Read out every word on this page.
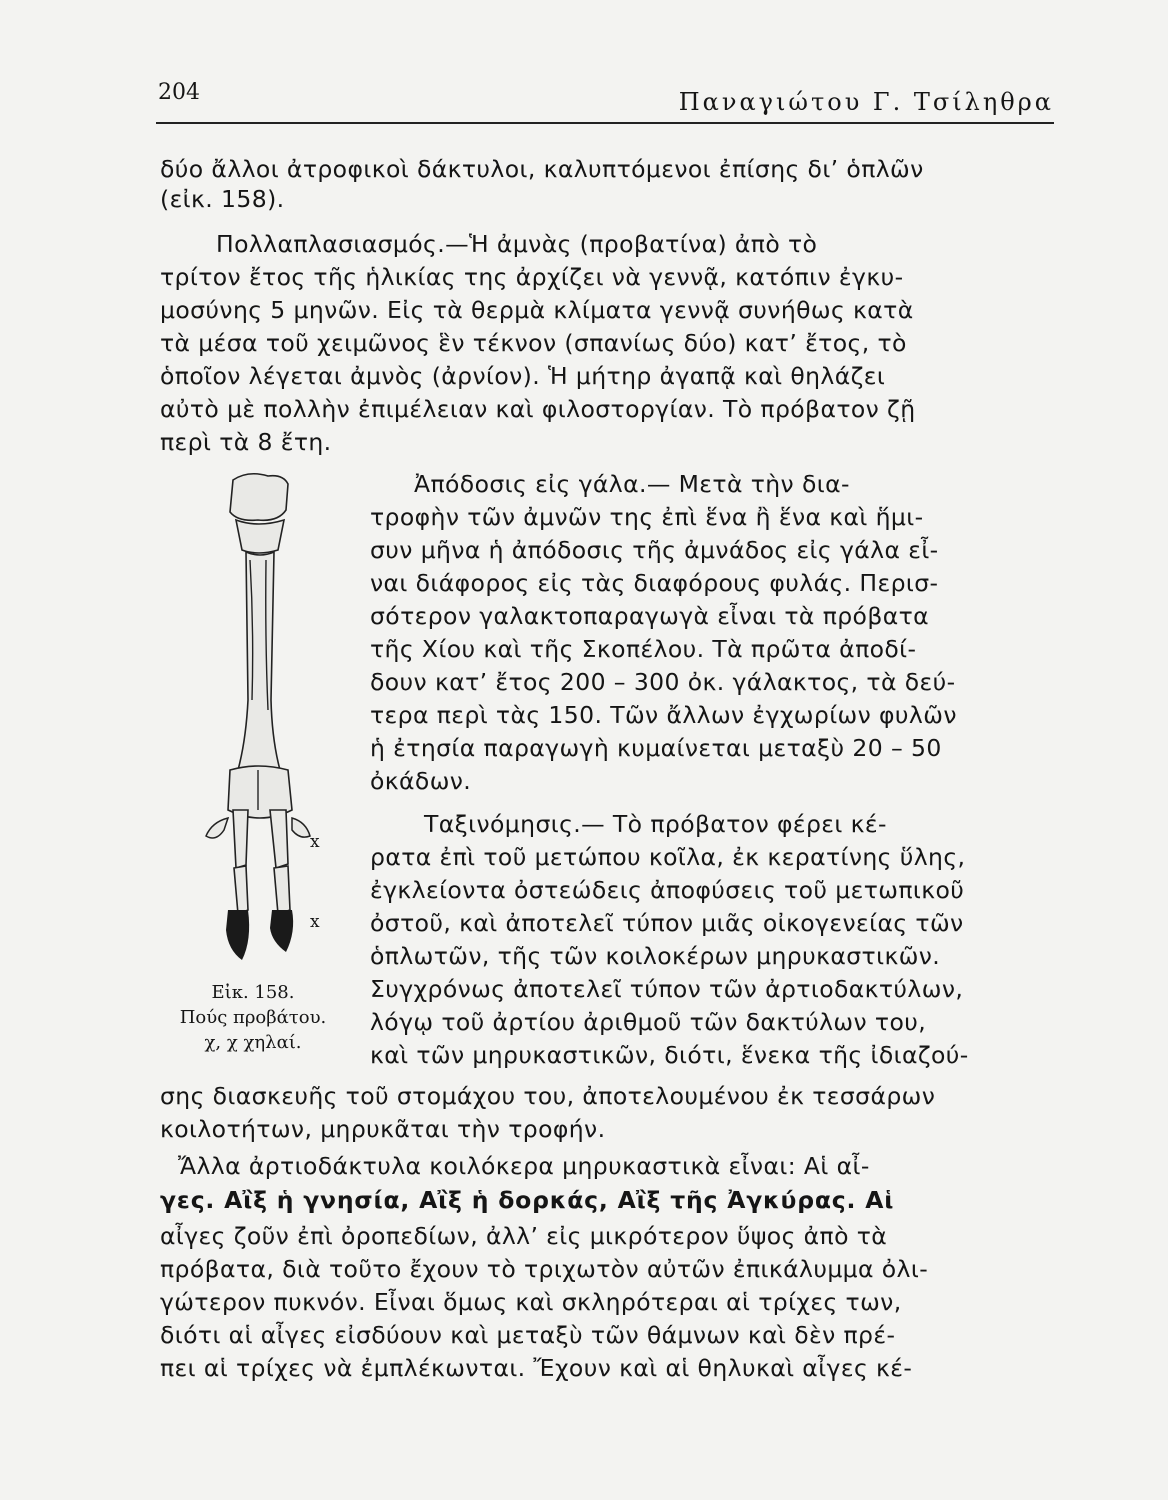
204	Παναγιώτου Γ. Τσίληθρα
x
x
Εἰκ. 158.
Πούς προβάτου.
χ, χ χηλαί.
δύο ἄλλοι ἀτροφικοὶ δάκτυλοι, καλυπτόμενοι ἐπίσης δι’ ὁπλῶν
(εἰκ. 158).
Πολλαπλασιασμός.—Ἡ ἀμνὰς (προβατίνα) ἀπὸ τὸ
τρίτον ἔτος τῆς ἡλικίας της ἀρχίζει νὰ γεννᾷ, κατόπιν ἐγκυ-
μοσύνης 5 μηνῶν. Εἰς τὰ θερμὰ κλίματα γεννᾷ συνήθως κατὰ
τὰ μέσα τοῦ χειμῶνος ἓν τέκνον (σπανίως δύο) κατ’ ἔτος, τὸ
ὁποῖον λέγεται ἀμνὸς (ἀρνίον). Ἡ μήτηρ ἀγαπᾷ καὶ θηλάζει
αὐτὸ μὲ πολλὴν ἐπιμέλειαν καὶ φιλοστοργίαν. Τὸ πρόβατον ζῇ
περὶ τὰ 8 ἔτη.
Ἀπόδοσις εἰς γάλα.— Μετὰ τὴν δια-
τροφὴν τῶν ἀμνῶν της ἐπὶ ἕνα ἢ ἕνα καὶ ἥμι-
συν μῆνα ἡ ἀπόδοσις τῆς ἀμνάδος εἰς γάλα εἶ-
ναι διάφορος εἰς τὰς διαφόρους φυλάς. Περισ-
σότερον γαλακτοπαραγωγὰ εἶναι τὰ πρόβατα
τῆς Χίου καὶ τῆς Σκοπέλου. Τὰ πρῶτα ἀποδί-
δουν κατ’ ἔτος 200 – 300 ὀκ. γάλακτος, τὰ δεύ-
τερα περὶ τὰς 150. Τῶν ἄλλων ἐγχωρίων φυλῶν
ἡ ἐτησία παραγωγὴ κυμαίνεται μεταξὺ 20 – 50
ὀκάδων.
Ταξινόμησις.— Τὸ πρόβατον φέρει κέ-
ρατα ἐπὶ τοῦ μετώπου κοῖλα, ἐκ κερατίνης ὕλης,
ἐγκλείοντα ὀστεώδεις ἀποφύσεις τοῦ μετωπικοῦ
ὀστοῦ, καὶ ἀποτελεῖ τύπον μιᾶς οἰκογενείας τῶν
ὁπλωτῶν, τῆς τῶν κοιλοκέρων μηρυκαστικῶν.
Συγχρόνως ἀποτελεῖ τύπον τῶν ἀρτιοδακτύλων,
λόγῳ τοῦ ἀρτίου ἀριθμοῦ τῶν δακτύλων του,
καὶ τῶν μηρυκαστικῶν, διότι, ἕνεκα τῆς ἰδιαζού-
σης διασκευῆς τοῦ στομάχου του, ἀποτελουμένου ἐκ τεσσάρων
κοιλοτήτων, μηρυκᾶται τὴν τροφήν.
Ἄλλα ἀρτιοδάκτυλα κοιλόκερα μηρυκαστικὰ εἶναι: Αἱ αἶ-
γες. Αἲξ ἡ γνησία, Αἲξ ἡ δορκάς, Αἲξ τῆς Ἀγκύρας. Αἱ
αἶγες ζοῦν ἐπὶ ὀροπεδίων, ἀλλ’ εἰς μικρότερον ὕψος ἀπὸ τὰ
πρόβατα, διὰ τοῦτο ἔχουν τὸ τριχωτὸν αὐτῶν ἐπικάλυμμα ὀλι-
γώτερον πυκνόν. Εἶναι ὅμως καὶ σκληρότεραι αἱ τρίχες των,
διότι αἱ αἶγες εἰσδύουν καὶ μεταξὺ τῶν θάμνων καὶ δὲν πρέ-
πει αἱ τρίχες νὰ ἐμπλέκωνται. Ἔχουν καὶ αἱ θηλυκαὶ αἶγες κέ-
